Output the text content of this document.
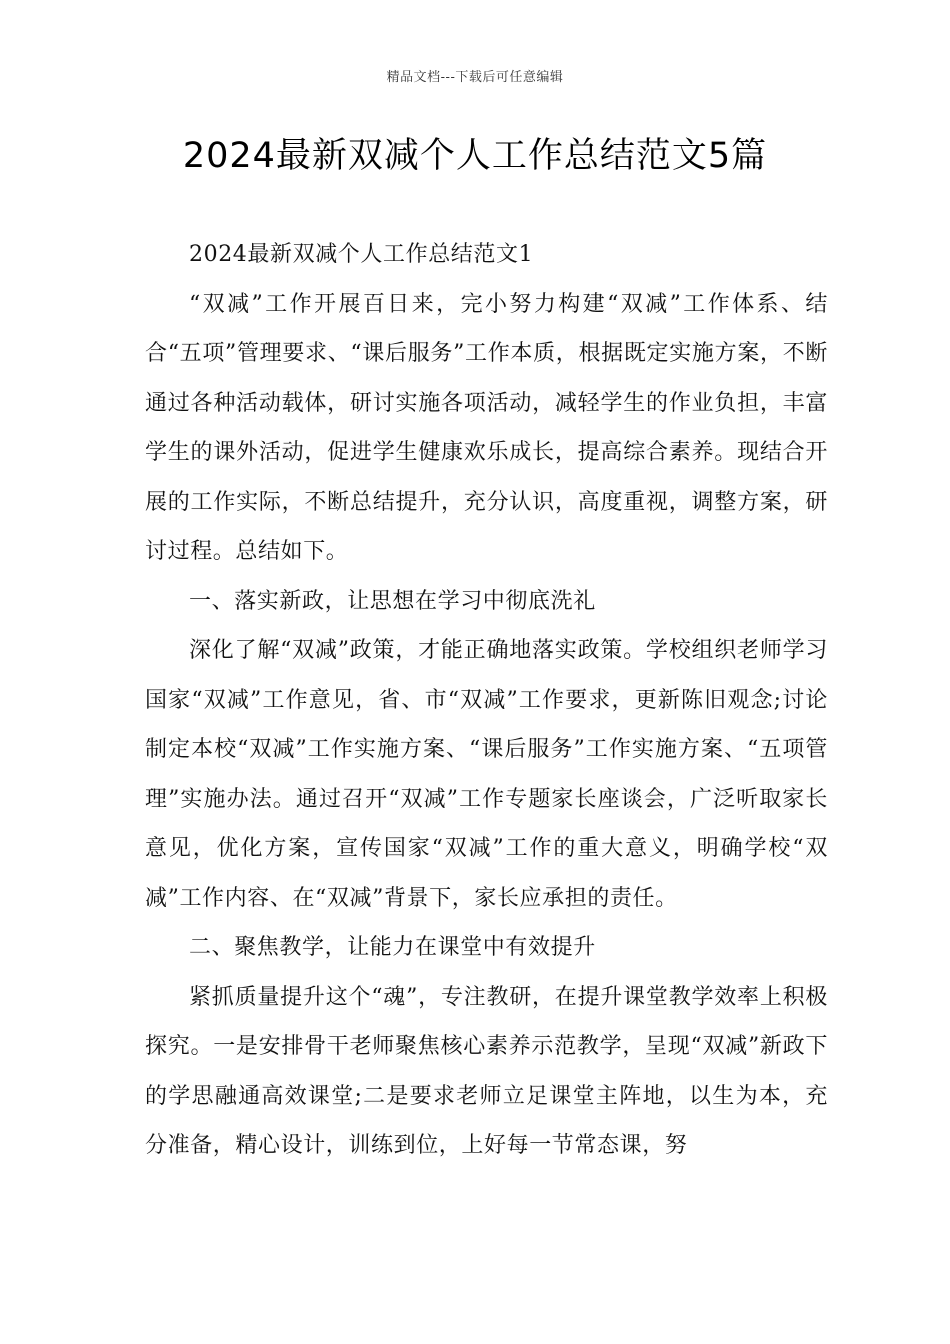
精品文档---下载后可任意编辑
2024最新双减个人工作总结范文5篇

2024最新双减个人工作总结范文1

“双减”工作开展百日来，完小努力构建“双减”工作体系、结合“五项”管理要求、“课后服务”工作本质，根据既定实施方案，不断通过各种活动载体，研讨实施各项活动，减轻学生的作业负担，丰富学生的课外活动，促进学生健康欢乐成长，提高综合素养。现结合开展的工作实际，不断总结提升，充分认识，高度重视，调整方案，研讨过程。总结如下。

一、落实新政，让思想在学习中彻底洗礼

深化了解“双减”政策，才能正确地落实政策。学校组织老师学习国家“双减”工作意见，省、市“双减”工作要求，更新陈旧观念;讨论制定本校“双减”工作实施方案、“课后服务”工作实施方案、“五项管理”实施办法。通过召开“双减”工作专题家长座谈会，广泛听取家长意见，优化方案，宣传国家“双减”工作的重大意义，明确学校“双减”工作内容、在“双减”背景下，家长应承担的责任。

二、聚焦教学，让能力在课堂中有效提升

紧抓质量提升这个“魂”，专注教研，在提升课堂教学效率上积极探究。一是安排骨干老师聚焦核心素养示范教学，呈现“双减”新政下的学思融通高效课堂;二是要求老师立足课堂主阵地，以生为本，充分准备，精心设计，训练到位，上好每一节常态课，努
